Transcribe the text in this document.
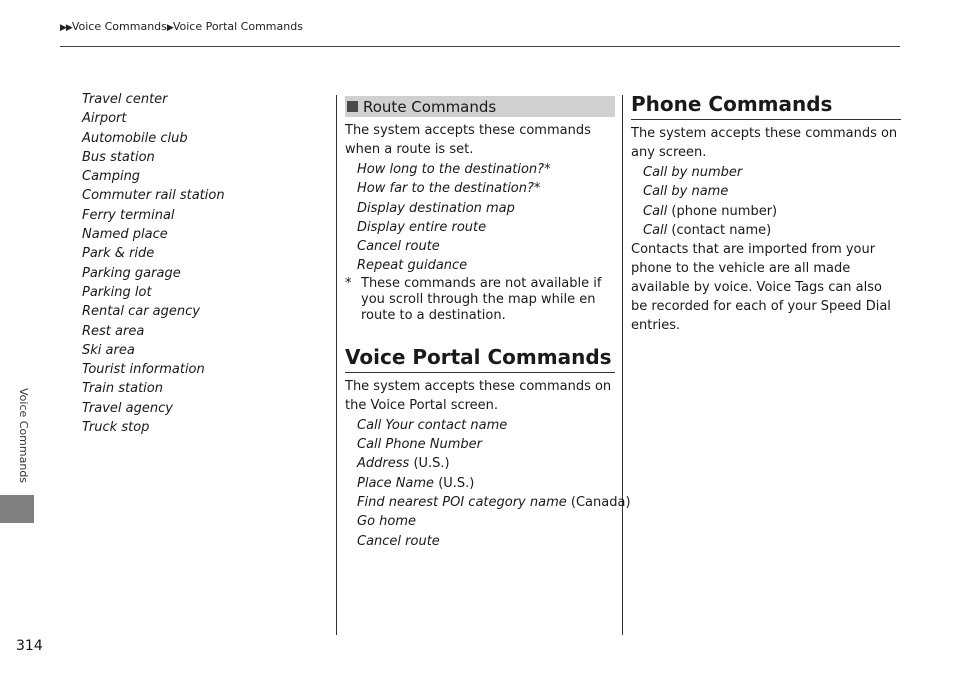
▶▶Voice Commands▶Voice Portal Commands
Voice Commands
314
Travel center
Airport
Automobile club
Bus station
Camping
Commuter rail station
Ferry terminal
Named place
Park & ride
Parking garage
Parking lot
Rental car agency
Rest area
Ski area
Tourist information
Train station
Travel agency
Truck stop
Route Commands

The system accepts these commands when a route is set.

How long to the destination?*
How far to the destination?*
Display destination map
Display entire route
Cancel route
Repeat guidance
* These commands are not available if you scroll through the map while en route to a destination.
Voice Portal Commands

The system accepts these commands on the Voice Portal screen.

Call Your contact name
Call Phone Number
Address (U.S.)
Place Name (U.S.)
Find nearest POI category name (Canada)
Go home
Cancel route
Phone Commands

The system accepts these commands on any screen.

Call by number
Call by name
Call (phone number)
Call (contact name)

Contacts that are imported from your phone to the vehicle are all made available by voice. Voice Tags can also be recorded for each of your Speed Dial entries.
